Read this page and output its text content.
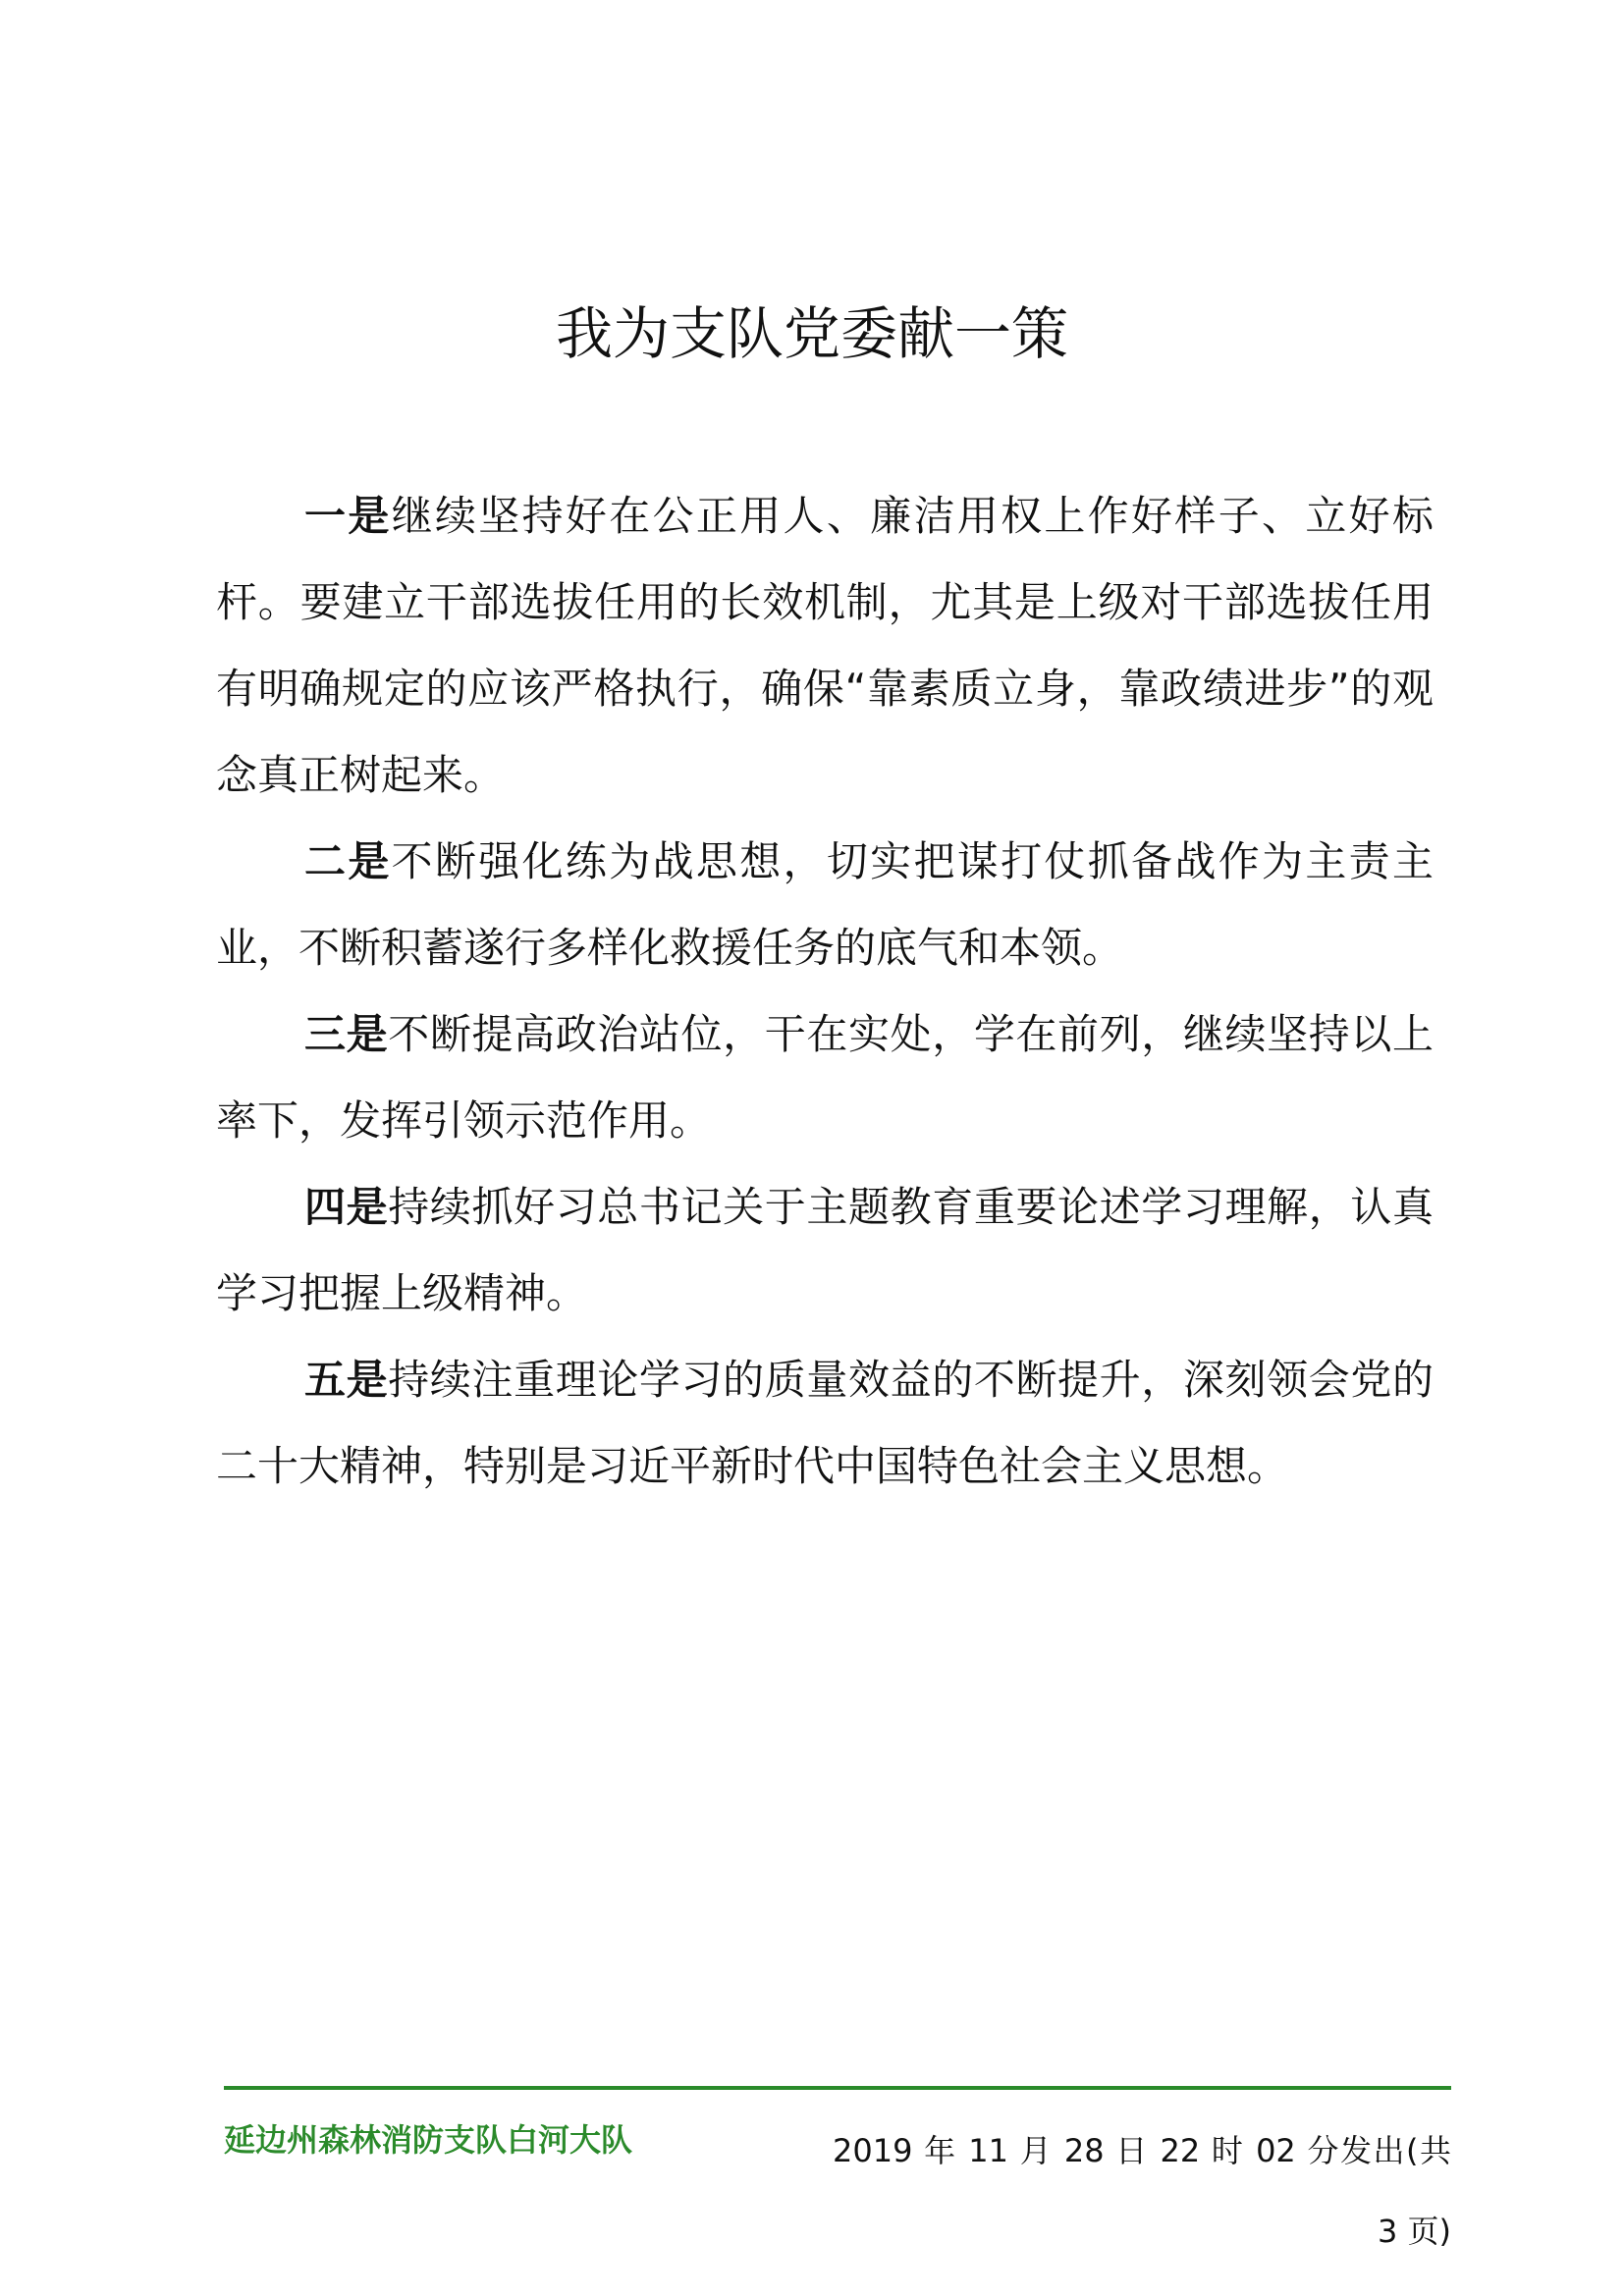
我为支队党委献一策

一是继续坚持好在公正用人、廉洁用权上作好样子、立好标杆。要建立干部选拔任用的长效机制，尤其是上级对干部选拔任用有明确规定的应该严格执行，确保“靠素质立身，靠政绩进步”的观念真正树起来。

二是不断强化练为战思想，切实把谋打仗抓备战作为主责主业，不断积蓄遂行多样化救援任务的底气和本领。

三是不断提高政治站位，干在实处，学在前列，继续坚持以上率下，发挥引领示范作用。

四是持续抓好习总书记关于主题教育重要论述学习理解，认真学习把握上级精神。

五是持续注重理论学习的质量效益的不断提升，深刻领会党的二十大精神，特别是习近平新时代中国特色社会主义思想。

延边州森林消防支队白河大队	2019 年 11 月 28 日 22 时 02 分发出(共 3 页)
